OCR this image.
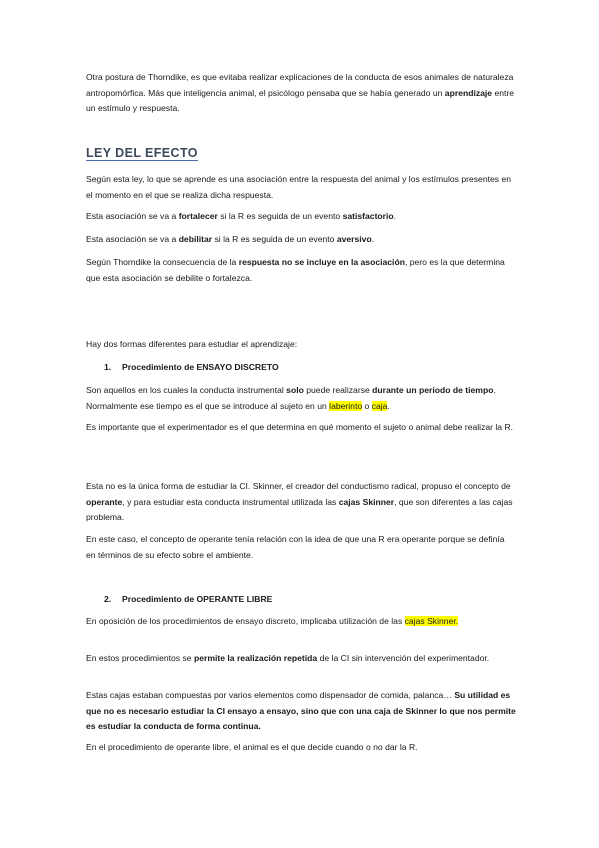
Otra postura de Thorndike, es que evitaba realizar explicaciones de la conducta de esos animales de naturaleza antropomórfica. Más que inteligencia animal, el psicólogo pensaba que se había generado un aprendizaje entre un estímulo y respuesta.

LEY DEL EFECTO

Según esta ley, lo que se aprende es una asociación entre la respuesta del animal y los estímulos presentes en el momento en el que se realiza dicha respuesta.

Esta asociación se va a fortalecer si la R es seguida de un evento satisfactorio.

Esta asociación se va a debilitar si la R es seguida de un evento aversivo.

Según Thorndike la consecuencia de la respuesta no se incluye en la asociación, pero es la que determina que esta asociación se debilite o fortalezca.

Hay dos formas diferentes para estudiar el aprendizaje:

1. Procedimiento de ENSAYO DISCRETO

Son aquellos en los cuales la conducta instrumental solo puede realizarse durante un periodo de tiempo. Normalmente ese tiempo es el que se introduce al sujeto en un laberinto o caja.

Es importante que el experimentador es el que determina en qué momento el sujeto o animal debe realizar la R.

Esta no es la única forma de estudiar la CI. Skinner, el creador del conductismo radical, propuso el concepto de operante, y para estudiar esta conducta instrumental utilizada las cajas Skinner, que son diferentes a las cajas problema.

En este caso, el concepto de operante tenía relación con la idea de que una R era operante porque se definía en términos de su efecto sobre el ambiente.

2. Procedimiento de OPERANTE LIBRE

En oposición de los procedimientos de ensayo discreto, implicaba utilización de las cajas Skinner.

En estos procedimientos se permite la realización repetida de la CI sin intervención del experimentador.

Estas cajas estaban compuestas por varios elementos como dispensador de comida, palanca… Su utilidad es que no es necesario estudiar la CI ensayo a ensayo, sino que con una caja de Skinner lo que nos permite es estudiar la conducta de forma continua.

En el procedimiento de operante libre, el animal es el que decide cuando o no dar la R.
